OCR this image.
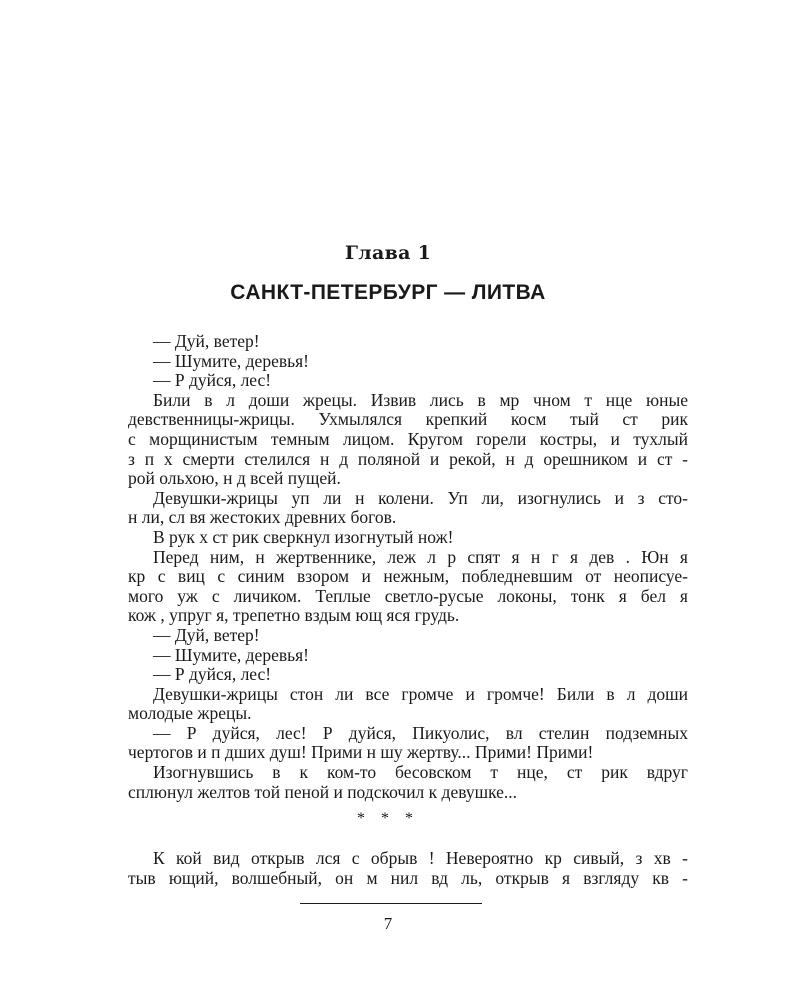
Глава 1
САНКТ-ПЕТЕРБУРГ — ЛИТВА
— Дуй, ветер!
— Шумите, деревья!
— Р дуйся, лес!
Били в л доши жрецы. Извив лись в мр чном т нце юные
девственницы-жрицы. Ухмылялся крепкий косм тый ст рик
с морщинистым темным лицом. Кругом горели костры, и тухлый
з п х смерти стелился н д поляной и рекой, н д орешником и ст -
рой ольхою, н д всей пущей.
Девушки-жрицы уп ли н колени. Уп ли, изогнулись и з сто-
н ли, сл вя жестоких древних богов.
В рук х ст рик сверкнул изогнутый нож!
Перед ним, н жертвеннике, леж л р спят я н г я дев . Юн я
кр с виц с синим взором и нежным, побледневшим от неописуе-
мого уж с личиком. Теплые светло-русые локоны, тонк я бел я
кож , упруг я, трепетно вздым ющ яся грудь.
— Дуй, ветер!
— Шумите, деревья!
— Р дуйся, лес!
Девушки-жрицы стон ли все громче и громче! Били в л доши
молодые жрецы.
— Р дуйся, лес! Р дуйся, Пикуолис, вл стелин подземных
чертогов и п дших душ! Прими н шу жертву... Прими! Прими!
Изогнувшись в к ком-то бесовском т нце, ст рик вдруг
сплюнул желтов той пеной и подскочил к девушке...
* * *
К кой вид открыв лся с обрыв ! Невероятно кр сивый, з хв -
тыв ющий, волшебный, он м нил вд ль, открыв я взгляду кв -
7
